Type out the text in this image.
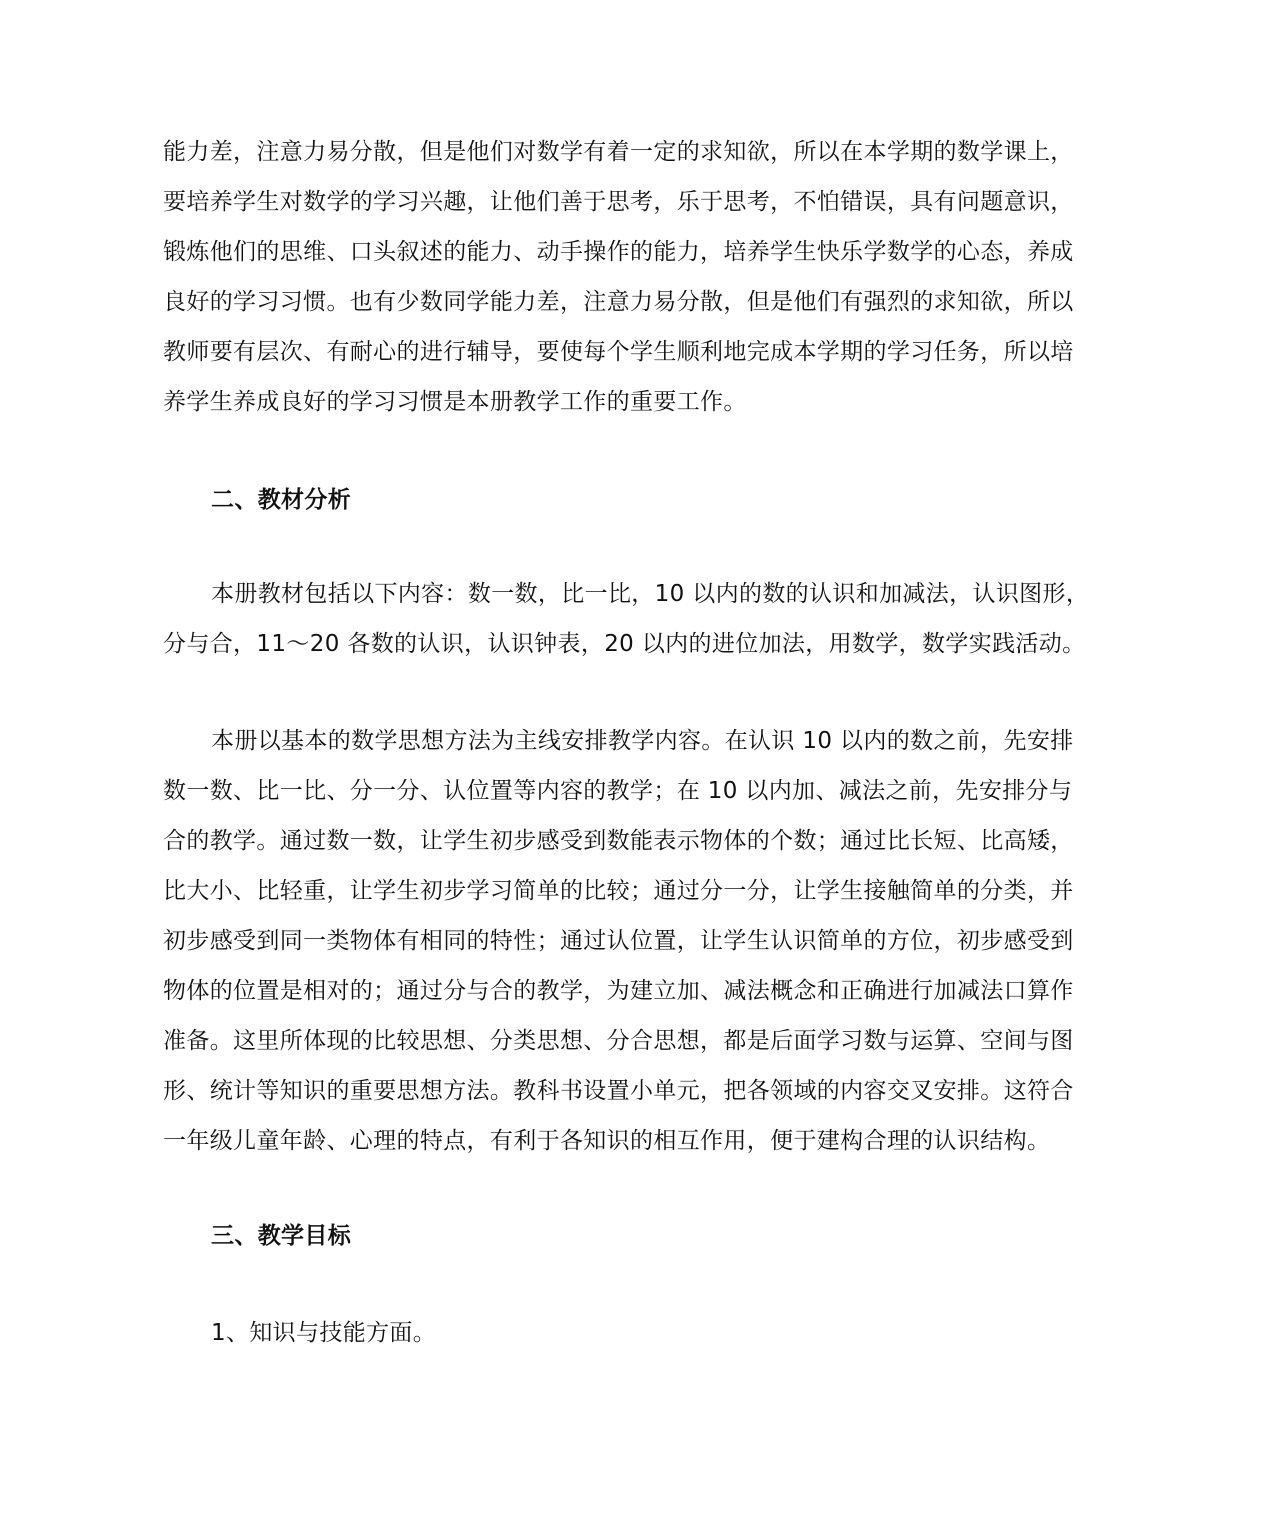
能力差，注意力易分散，但是他们对数学有着一定的求知欲，所以在本学期的数学课上，
要培养学生对数学的学习兴趣，让他们善于思考，乐于思考，不怕错误，具有问题意识，
锻炼他们的思维、口头叙述的能力、动手操作的能力，培养学生快乐学数学的心态，养成
良好的学习习惯。也有少数同学能力差，注意力易分散，但是他们有强烈的求知欲，所以
教师要有层次、有耐心的进行辅导，要使每个学生顺利地完成本学期的学习任务，所以培
养学生养成良好的学习习惯是本册教学工作的重要工作。

二、教材分析

本册教材包括以下内容：数一数，比一比，10 以内的数的认识和加减法，认识图形，
分与合，11～20 各数的认识，认识钟表，20 以内的进位加法，用数学，数学实践活动。

本册以基本的数学思想方法为主线安排教学内容。在认识 10 以内的数之前，先安排
数一数、比一比、分一分、认位置等内容的教学；在 10 以内加、减法之前，先安排分与
合的教学。通过数一数，让学生初步感受到数能表示物体的个数；通过比长短、比高矮，
比大小、比轻重，让学生初步学习简单的比较；通过分一分，让学生接触简单的分类，并
初步感受到同一类物体有相同的特性；通过认位置，让学生认识简单的方位，初步感受到
物体的位置是相对的；通过分与合的教学，为建立加、减法概念和正确进行加减法口算作
准备。这里所体现的比较思想、分类思想、分合思想，都是后面学习数与运算、空间与图
形、统计等知识的重要思想方法。教科书设置小单元，把各领域的内容交叉安排。这符合
一年级儿童年龄、心理的特点，有利于各知识的相互作用，便于建构合理的认识结构。

三、教学目标

1、知识与技能方面。
